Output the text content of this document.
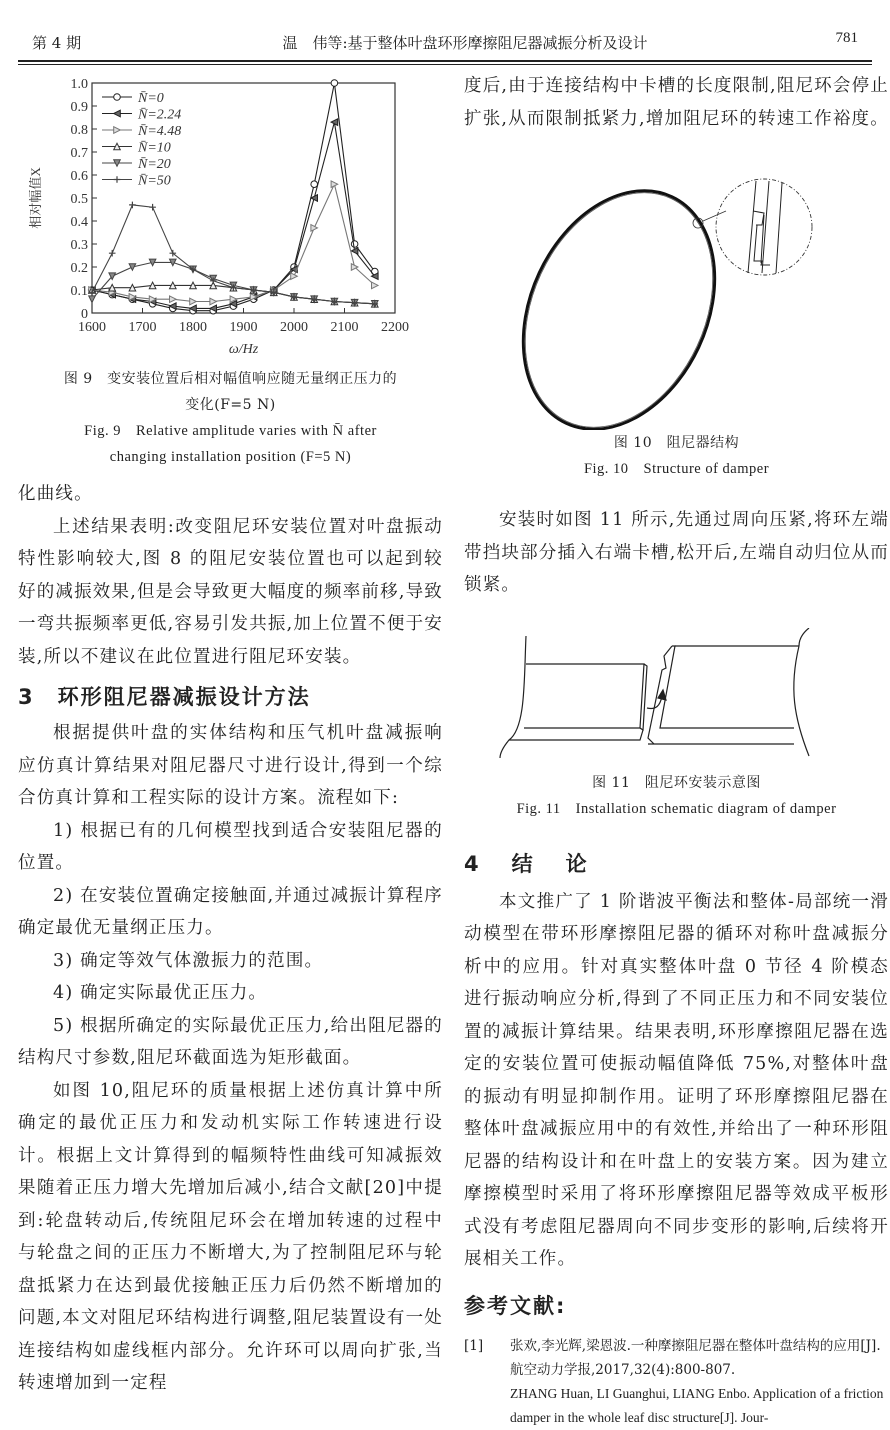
第 4 期	温　伟等:基于整体叶盘环形摩擦阻尼器减振分析及设计	781
1600 1700 1800 1900 2000 2100 2200
0
0.1
0.2
0.3
0.4
0.5
0.6
0.7
0.8
0.9
1.0
ω/Hz
相对幅值X
N̄=0
N̄=2.24
N̄=4.48
N̄=10
N̄=20
N̄=50
图 9　变安装位置后相对幅值响应随无量纲正压力的
变化(F=5 N)
Fig. 9　Relative amplitude varies with N̄ after
changing installation position (F=5 N)

化曲线。

上述结果表明:改变阻尼环安装位置对叶盘振动特性影响较大,图 8 的阻尼安装位置也可以起到较好的减振效果,但是会导致更大幅度的频率前移,导致一弯共振频率更低,容易引发共振,加上位置不便于安装,所以不建议在此位置进行阻尼环安装。

3　环形阻尼器减振设计方法

根据提供叶盘的实体结构和压气机叶盘减振响应仿真计算结果对阻尼器尺寸进行设计,得到一个综合仿真计算和工程实际的设计方案。流程如下:

1) 根据已有的几何模型找到适合安装阻尼器的位置。

2) 在安装位置确定接触面,并通过减振计算程序确定最优无量纲正压力。

3) 确定等效气体激振力的范围。

4) 确定实际最优正压力。

5) 根据所确定的实际最优正压力,给出阻尼器的结构尺寸参数,阻尼环截面选为矩形截面。

如图 10,阻尼环的质量根据上述仿真计算中所确定的最优正压力和发动机实际工作转速进行设计。根据上文计算得到的幅频特性曲线可知减振效果随着正压力增大先增加后减小,结合文献[20]中提到:轮盘转动后,传统阻尼环会在增加转速的过程中与轮盘之间的正压力不断增大,为了控制阻尼环与轮盘抵紧力在达到最优接触正压力后仍然不断增加的问题,本文对阻尼环结构进行调整,阻尼装置设有一处连接结构如虚线框内部分。允许环可以周向扩张,当转速增加到一定程

度后,由于连接结构中卡槽的长度限制,阻尼环会停止扩张,从而限制抵紧力,增加阻尼环的转速工作裕度。

图 10　阻尼器结构
Fig. 10　Structure of damper

安装时如图 11 所示,先通过周向压紧,将环左端带挡块部分插入右端卡槽,松开后,左端自动归位从而锁紧。

图 11　阻尼环安装示意图
Fig. 11　Installation schematic diagram of damper
4　结　论

本文推广了 1 阶谐波平衡法和整体-局部统一滑动模型在带环形摩擦阻尼器的循环对称叶盘减振分析中的应用。针对真实整体叶盘 0 节径 4 阶模态进行振动响应分析,得到了不同正压力和不同安装位置的减振计算结果。结果表明,环形摩擦阻尼器在选定的安装位置可使振动幅值降低 75%,对整体叶盘的振动有明显抑制作用。证明了环形摩擦阻尼器在整体叶盘减振应用中的有效性,并给出了一种环形阻尼器的结构设计和在叶盘上的安装方案。因为建立摩擦模型时采用了将环形摩擦阻尼器等效成平板形式没有考虑阻尼器周向不同步变形的影响,后续将开展相关工作。

参考文献:
[1] 张欢,李光辉,梁恩波.一种摩擦阻尼器在整体叶盘结构的应用[J].航空动力学报,2017,32(4):800-807.
ZHANG Huan, LI Guanghui, LIANG Enbo. Application of a friction damper in the whole leaf disc structure[J]. Jour-
